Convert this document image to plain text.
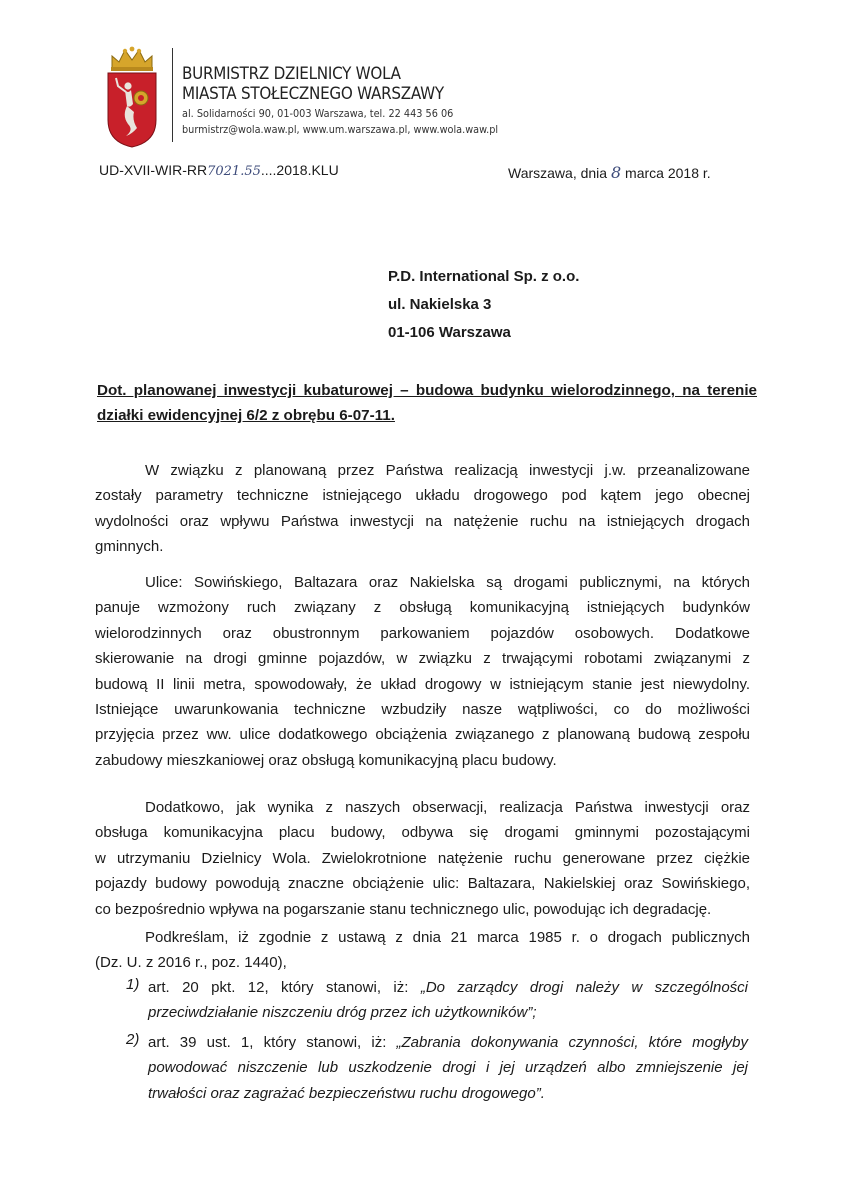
BURMISTRZ DZIELNICY WOLA
MIASTA STOŁECZNEGO WARSZAWY
al. Solidarności 90, 01-003 Warszawa, tel. 22 443 56 06
burmistrz@wola.waw.pl, www.um.warszawa.pl, www.wola.waw.pl
UD-XVII-WIR-RR7021.55....2018.KLU	Warszawa, dnia 8 marca 2018 r.
P.D. International Sp. z o.o.
ul. Nakielska 3
01-106 Warszawa
Dot. planowanej inwestycji kubaturowej – budowa budynku wielorodzinnego, na terenie
działki ewidencyjnej 6/2 z obrębu 6-07-11.
W związku z planowaną przez Państwa realizacją inwestycji j.w. przeanalizowane
zostały parametry techniczne istniejącego układu drogowego pod kątem jego obecnej
wydolności oraz wpływu Państwa inwestycji na natężenie ruchu na istniejących drogach
gminnych.
Ulice: Sowińskiego, Baltazara oraz Nakielska są drogami publicznymi, na których
panuje wzmożony ruch związany z obsługą komunikacyjną istniejących budynków
wielorodzinnych oraz obustronnym parkowaniem pojazdów osobowych. Dodatkowe
skierowanie na drogi gminne pojazdów, w związku z trwającymi robotami związanymi z
budową II linii metra, spowodowały, że układ drogowy w istniejącym stanie jest niewydolny.
Istniejące uwarunkowania techniczne wzbudziły nasze wątpliwości, co do możliwości
przyjęcia przez ww. ulice dodatkowego obciążenia związanego z planowaną budową zespołu
zabudowy mieszkaniowej oraz obsługą komunikacyjną placu budowy.
Dodatkowo, jak wynika z naszych obserwacji, realizacja Państwa inwestycji oraz
obsługa komunikacyjna placu budowy, odbywa się drogami gminnymi pozostającymi
w utrzymaniu Dzielnicy Wola. Zwielokrotnione natężenie ruchu generowane przez ciężkie
pojazdy budowy powodują znaczne obciążenie ulic: Baltazara, Nakielskiej oraz Sowińskiego,
co bezpośrednio wpływa na pogarszanie stanu technicznego ulic, powodując ich degradację.
Podkreślam, iż zgodnie z ustawą z dnia 21 marca 1985 r. o drogach publicznych
(Dz. U. z 2016 r., poz. 1440),
1) art. 20 pkt. 12, który stanowi, iż: „Do zarządcy drogi należy w szczególności
przeciwdziałanie niszczeniu dróg przez ich użytkowników”;
2) art. 39 ust. 1, który stanowi, iż: „Zabrania dokonywania czynności, które mogłyby
powodować niszczenie lub uszkodzenie drogi i jej urządzeń albo zmniejszenie jej
trwałości oraz zagrażać bezpieczeństwu ruchu drogowego”.
